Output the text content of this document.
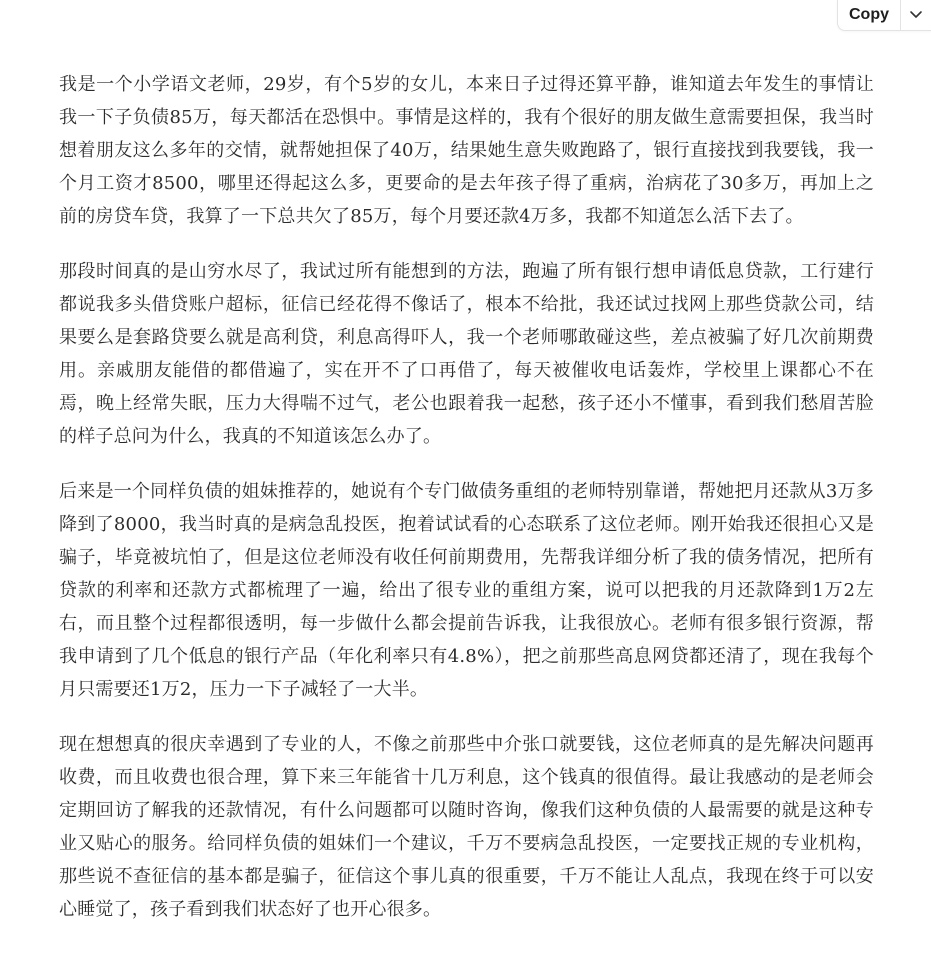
Copy

我是一个小学语文老师，29岁，有个5岁的女儿，本来日子过得还算平静，谁知道去年发生的事情让我一下子负债85万，每天都活在恐惧中。事情是这样的，我有个很好的朋友做生意需要担保，我当时想着朋友这么多年的交情，就帮她担保了40万，结果她生意失败跑路了，银行直接找到我要钱，我一个月工资才8500，哪里还得起这么多，更要命的是去年孩子得了重病，治病花了30多万，再加上之前的房贷车贷，我算了一下总共欠了85万，每个月要还款4万多，我都不知道怎么活下去了。

那段时间真的是山穷水尽了，我试过所有能想到的方法，跑遍了所有银行想申请低息贷款，工行建行都说我多头借贷账户超标，征信已经花得不像话了，根本不给批，我还试过找网上那些贷款公司，结果要么是套路贷要么就是高利贷，利息高得吓人，我一个老师哪敢碰这些，差点被骗了好几次前期费用。亲戚朋友能借的都借遍了，实在开不了口再借了，每天被催收电话轰炸，学校里上课都心不在焉，晚上经常失眠，压力大得喘不过气，老公也跟着我一起愁，孩子还小不懂事，看到我们愁眉苦脸的样子总问为什么，我真的不知道该怎么办了。

后来是一个同样负债的姐妹推荐的，她说有个专门做债务重组的老师特别靠谱，帮她把月还款从3万多降到了8000，我当时真的是病急乱投医，抱着试试看的心态联系了这位老师。刚开始我还很担心又是骗子，毕竟被坑怕了，但是这位老师没有收任何前期费用，先帮我详细分析了我的债务情况，把所有贷款的利率和还款方式都梳理了一遍，给出了很专业的重组方案，说可以把我的月还款降到1万2左右，而且整个过程都很透明，每一步做什么都会提前告诉我，让我很放心。老师有很多银行资源，帮我申请到了几个低息的银行产品（年化利率只有4.8%），把之前那些高息网贷都还清了，现在我每个月只需要还1万2，压力一下子减轻了一大半。

现在想想真的很庆幸遇到了专业的人，不像之前那些中介张口就要钱，这位老师真的是先解决问题再收费，而且收费也很合理，算下来三年能省十几万利息，这个钱真的很值得。最让我感动的是老师会定期回访了解我的还款情况，有什么问题都可以随时咨询，像我们这种负债的人最需要的就是这种专业又贴心的服务。给同样负债的姐妹们一个建议，千万不要病急乱投医，一定要找正规的专业机构，那些说不查征信的基本都是骗子，征信这个事儿真的很重要，千万不能让人乱点，我现在终于可以安心睡觉了，孩子看到我们状态好了也开心很多。
